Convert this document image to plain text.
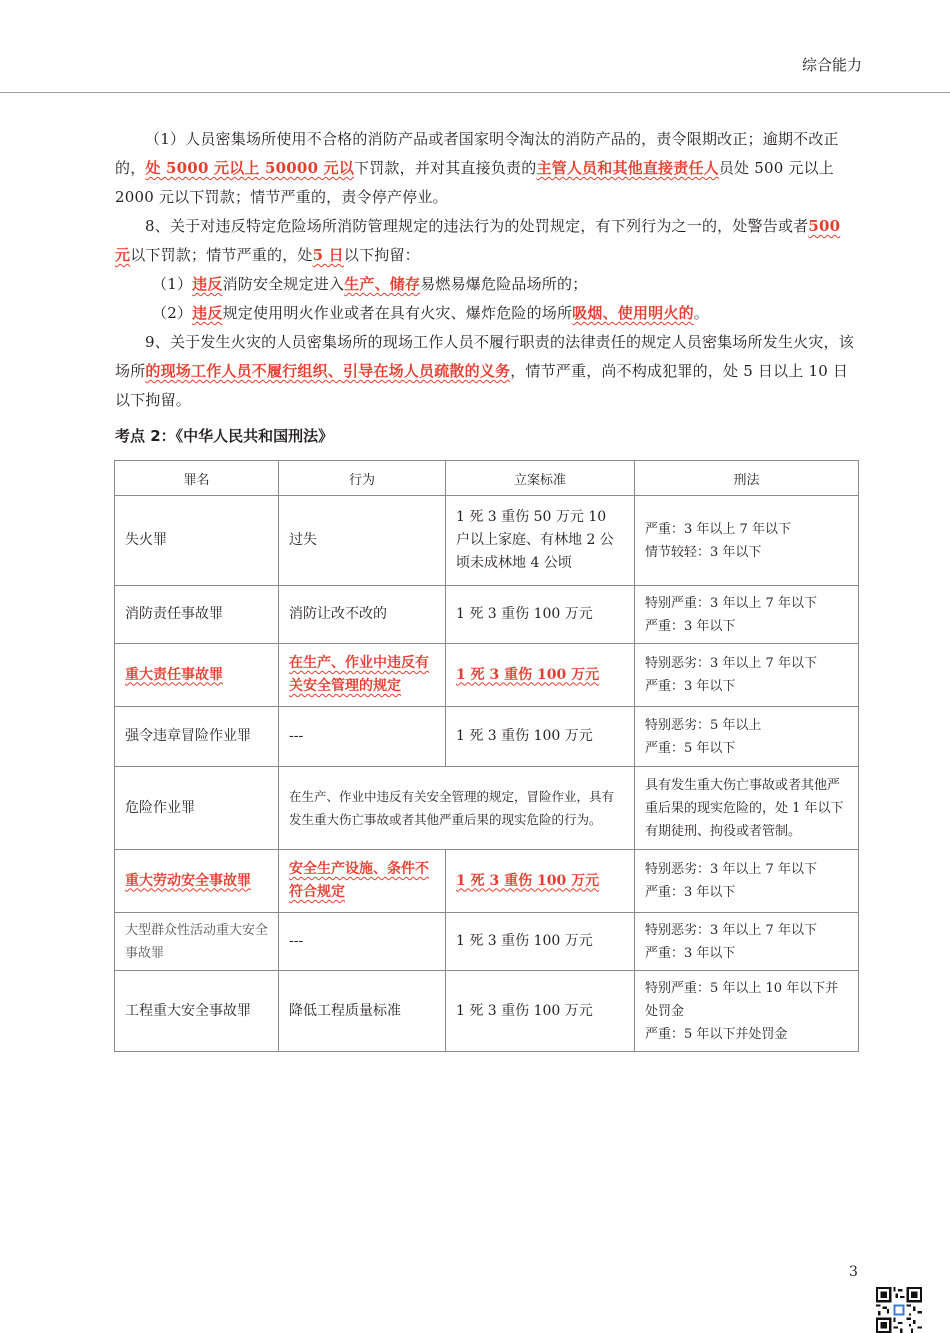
综合能力

（1）人员密集场所使用不合格的消防产品或者国家明令淘汰的消防产品的，责令限期改正；逾期不改正的，处 5000 元以上 50000 元以下罚款，并对其直接负责的主管人员和其他直接责任人员处 500 元以上 2000 元以下罚款；情节严重的，责令停产停业。

8、关于对违反特定危险场所消防管理规定的违法行为的处罚规定，有下列行为之一的，处警告或者500 元以下罚款；情节严重的，处5 日以下拘留：

（1）违反消防安全规定进入生产、储存易燃易爆危险品场所的；

（2）违反规定使用明火作业或者在具有火灾、爆炸危险的场所吸烟、使用明火的。

9、关于发生火灾的人员密集场所的现场工作人员不履行职责的法律责任的规定人员密集场所发生火灾，该场所的现场工作人员不履行组织、引导在场人员疏散的义务，情节严重，尚不构成犯罪的，处 5 日以上 10 日以下拘留。

考点 2：《中华人民共和国刑法》
罪名	行为	立案标准	刑法
失火罪	过失	1 死 3 重伤 50 万元 10 户以上家庭、有林地 2 公顷未成林地 4 公顷	严重：3 年以上 7 年以下
情节较轻：3 年以下

消防责任事故罪	消防让改不改的	1 死 3 重伤 100 万元	特别严重：3 年以上 7 年以下
严重：3 年以下

重大责任事故罪	在生产、作业中违反有关安全管理的规定	1 死 3 重伤 100 万元	特别恶劣：3 年以上 7 年以下
严重：3 年以下

强令违章冒险作业罪	---	1 死 3 重伤 100 万元	特别恶劣：5 年以上
严重：5 年以下

危险作业罪	在生产、作业中违反有关安全管理的规定，冒险作业，具有发生重大伤亡事故或者其他严重后果的现实危险的行为。		具有发生重大伤亡事故或者其他严重后果的现实危险的，处 1 年以下有期徒刑、拘役或者管制。
重大劳动安全事故罪	安全生产设施、条件不符合规定	1 死 3 重伤 100 万元	特别恶劣：3 年以上 7 年以下
严重：3 年以下

大型群众性活动重大安全事故罪	---	1 死 3 重伤 100 万元	特别恶劣：3 年以上 7 年以下
严重：3 年以下

工程重大安全事故罪	降低工程质量标准	1 死 3 重伤 100 万元	特别严重：5 年以上 10 年以下并处罚金
严重：5 年以下并处罚金
3
